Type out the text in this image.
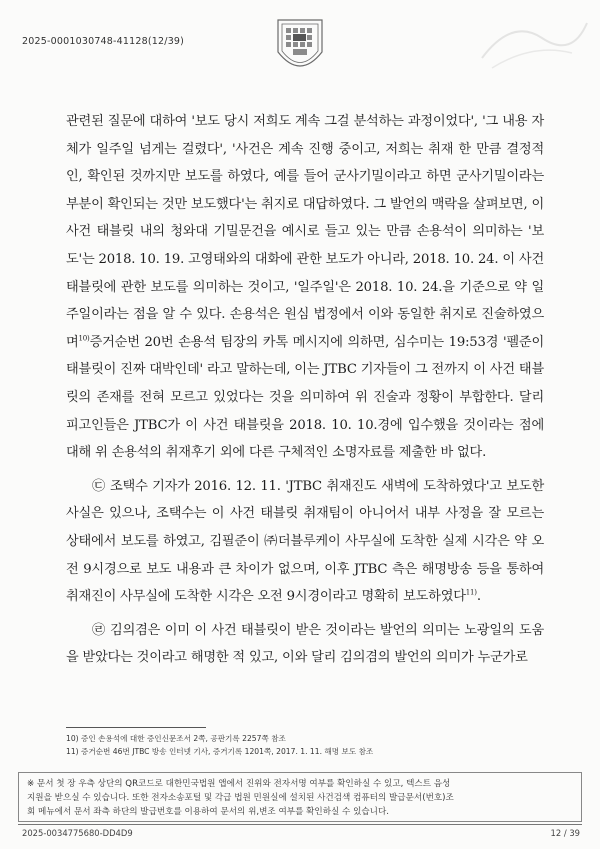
2025-0001030748-41128(12/39)

관련된 질문에 대하여 '보도 당시 저희도 계속 그걸 분석하는 과정이었다', '그 내용 자체가 일주일 넘게는 걸렸다', '사건은 계속 진행 중이고, 저희는 취재 한 만큼 결정적인, 확인된 것까지만 보도를 하였다, 예를 들어 군사기밀이라고 하면 군사기밀이라는 부분이 확인되는 것만 보도했다'는 취지로 대답하였다. 그 발언의 맥락을 살펴보면, 이 사건 태블릿 내의 청와대 기밀문건을 예시로 들고 있는 만큼 손용석이 의미하는 '보도'는 2018. 10. 19. 고영태와의 대화에 관한 보도가 아니라, 2018. 10. 24. 이 사건 태블릿에 관한 보도를 의미하는 것이고, '일주일'은 2018. 10. 24.을 기준으로 약 일주일이라는 점을 알 수 있다. 손용석은 원심 법정에서 이와 동일한 취지로 진술하였으며$^{10)}$증거순번 20번 손용석 팀장의 카톡 메시지에 의하면, 심수미는 19:53경 '펠준이 태블릿이 진짜 대박인데' 라고 말하는데, 이는 JTBC 기자들이 그 전까지 이 사건 태블릿의 존재를 전혀 모르고 있었다는 것을 의미하여 위 진술과 정황이 부합한다. 달리 피고인들은 JTBC가 이 사건 태블릿을 2018. 10. 10.경에 입수했을 것이라는 점에 대해 위 손용석의 취재후기 외에 다른 구체적인 소명자료를 제출한 바 없다.

㉢ 조택수 기자가 2016. 12. 11. 'JTBC 취재진도 새벽에 도착하였다'고 보도한 사실은 있으나, 조택수는 이 사건 태블릿 취재팀이 아니어서 내부 사정을 잘 모르는 상태에서 보도를 하였고, 김필준이 ㈜더블루케이 사무실에 도착한 실제 시각은 약 오전 9시경으로 보도 내용과 큰 차이가 없으며, 이후 JTBC 측은 해명방송 등을 통하여 취재진이 사무실에 도착한 시각은 오전 9시경이라고 명확히 보도하였다$^{11)}$.

㉣ 김의겸은 이미 이 사건 태블릿이 받은 것이라는 발언의 의미는 노광일의 도움을 받았다는 것이라고 해명한 적 있고, 이와 달리 김의겸의 발언의 의미가 누군가로

10) 증인 손용석에 대한 증인신문조서 2쪽, 공판기록 2257쪽 참조
11) 증거순번 46번 JTBC 방송 인터넷 기사, 증거기록 1201쪽, 2017. 1. 11. 해명 보도 참조
※ 문서 첫 장 우측 상단의 QR코드로 대한민국법원 앱에서 진위와 전자서명 여부를 확인하실 수 있고, 텍스트 음성
지원을 받으실 수 있습니다. 또한 전자소송포털 및 각급 법원 민원실에 설치된 사건검색 컴퓨터의 발급문서(번호)조
회 메뉴에서 문서 좌측 하단의 발급번호를 이용하여 문서의 위,변조 여부를 확인하실 수 있습니다.
2025-0034775680-DD4D9	12 / 39
